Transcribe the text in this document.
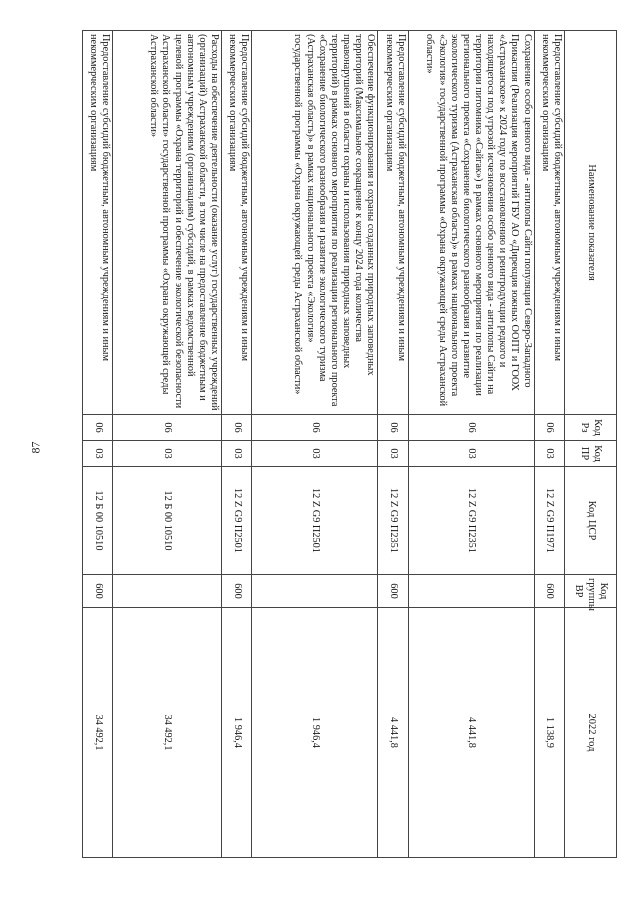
87
Наименование показателя	Код Рз	Код ПР	Код ЦСР	Код группы ВР	2022 год
Предоставление субсидий бюджетным, автономным учреждениям и иным некоммерческим организациям	06	03	12 Z G9 П1971	600	1 138,9
Сохранение особо ценного вида - антилопы Сайги популяции Северо-Западного Прикаспия (Реализация мероприятий ГБУ АО «Дирекция южных ООПТ и ГООХ «Астраханское» к 2024 году по восстановлению и реинтродукции редкого и находящегося под угрозой исчезновения особо ценного вида - антилопы Сайги на территории питомника «Сайгак») в рамках основного мероприятия по реализации регионального проекта «Сохранение биологического разнообразия и развитие экологического туризма (Астраханская область)» в рамках национального проекта «Экология» государственной программы «Охрана окружающей среды Астраханской области»	06	03	12 Z G9 П2351		4 441,8
Предоставление субсидий бюджетным, автономным учреждениям и иным некоммерческим организациям	06	03	12 Z G9 П2351	600	4 441,8
Обеспечение функционирования и охраны созданных природных заповедных территорий (Максимальное сокращение к концу 2024 года количества правонарушений в области охраны и использования природных заповедных территорий) в рамках основного мероприятия по реализации регионального проекта «Сохранение биологического разнообразия и развитие экологического туризма (Астраханская область)» в рамках национального проекта «Экология» государственной программы «Охрана окружающей среды Астраханской области»	06	03	12 Z G9 П2501		1 946,4
Предоставление субсидий бюджетным, автономным учреждениям и иным некоммерческим организациям	06	03	12 Z G9 П2501	600	1 946,4
Расходы на обеспечение деятельности (оказание услуг) государственных учреждений (организаций) Астраханской области, в том числе на предоставление бюджетным и автономным учреждениям (организациям) субсидий, в рамках ведомственной целевой программы «Охрана территорий и обеспечение экологической безопасности Астраханской области» государственной программы «Охрана окружающей среды Астраханской области»	06	03	12 Б 00 10510		34 492,1
Предоставление субсидий бюджетным, автономным учреждениям и иным некоммерческим организациям	06	03	12 Б 00 10510	600	34 492,1
